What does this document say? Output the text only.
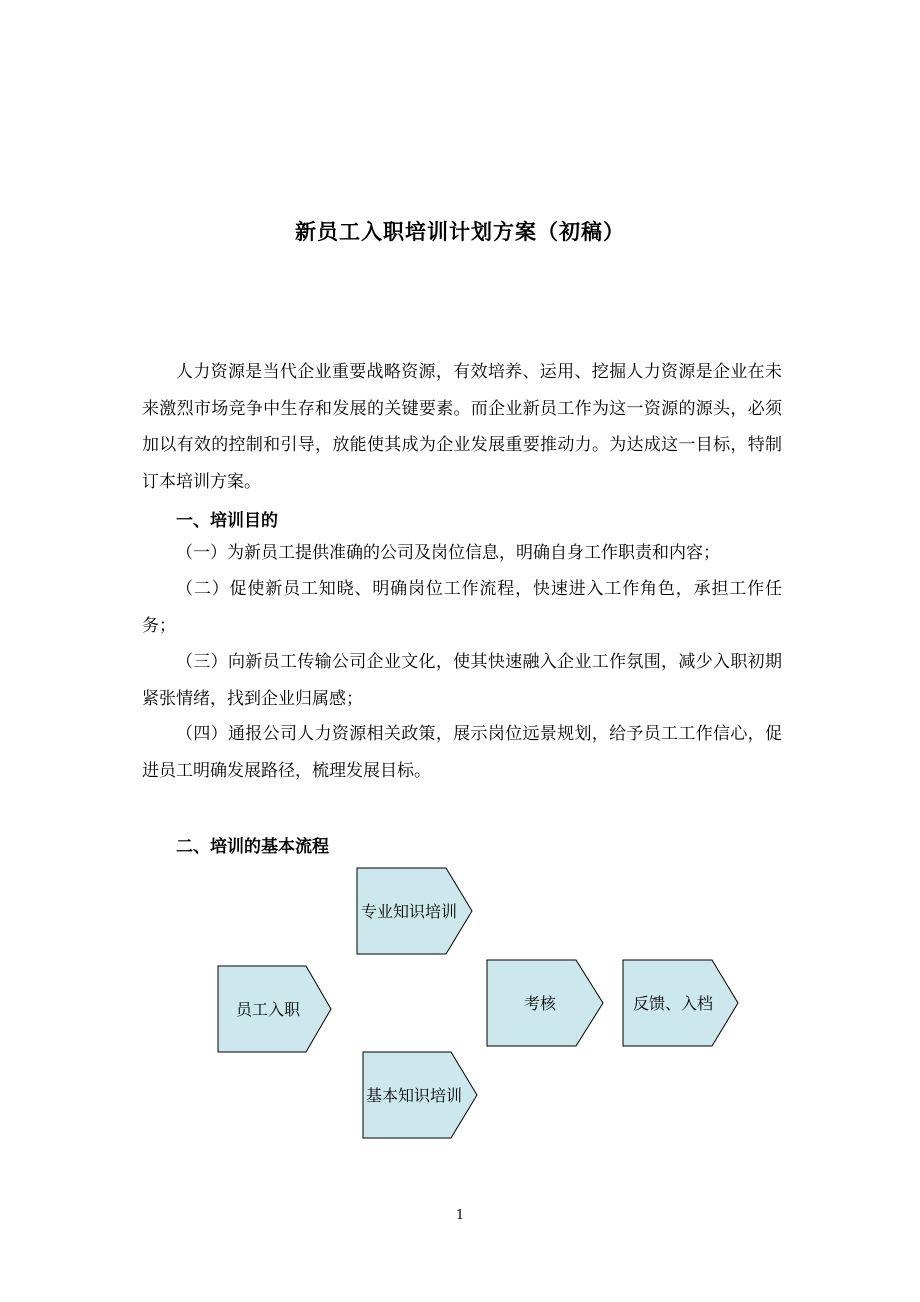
新员工入职培训计划方案（初稿）
人力资源是当代企业重要战略资源，有效培养、运用、挖掘人力资源是企业在未来激烈市场竞争中生存和发展的关键要素。而企业新员工作为这一资源的源头，必须加以有效的控制和引导，放能使其成为企业发展重要推动力。为达成这一目标，特制订本培训方案。
一、培训目的
（一）为新员工提供准确的公司及岗位信息，明确自身工作职责和内容；
（二）促使新员工知晓、明确岗位工作流程，快速进入工作角色，承担工作任务；
（三）向新员工传输公司企业文化，使其快速融入企业工作氛围，减少入职初期紧张情绪，找到企业归属感；
（四）通报公司人力资源相关政策，展示岗位远景规划，给予员工工作信心，促进员工明确发展路径，梳理发展目标。
二、培训的基本流程
员工入职
专业知识培训
基本知识培训
考核	反馈、入档
1
